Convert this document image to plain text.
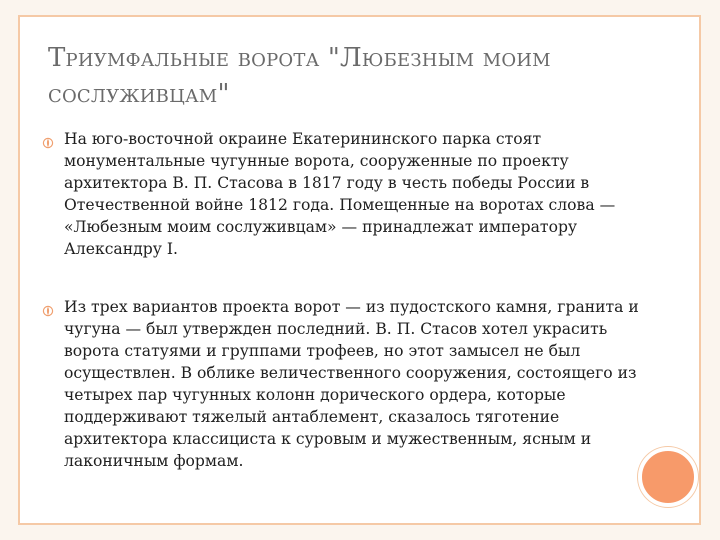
Триумфальные ворота "Любезным моим сослуживцам"
На юго-восточной окраине Екатерининского парка стоят монументальные чугунные ворота, сооруженные по проекту архитектора В. П. Стасова в 1817 году в честь победы России в Отечественной войне 1812 года. Помещенные на воротах слова — «Любезным моим сослуживцам» — принадлежат императору Александру I.
Из трех вариантов проекта ворот — из пудостского камня, гранита и чугуна — был утвержден последний. В. П. Стасов хотел украсить ворота статуями и группами трофеев, но этот замысел не был осуществлен. В облике величественного сооружения, состоящего из четырех пар чугунных колонн дорического ордера, которые поддерживают тяжелый антаблемент, сказалось тяготение архитектора классициста к суровым и мужественным, ясным и лаконичным формам.
